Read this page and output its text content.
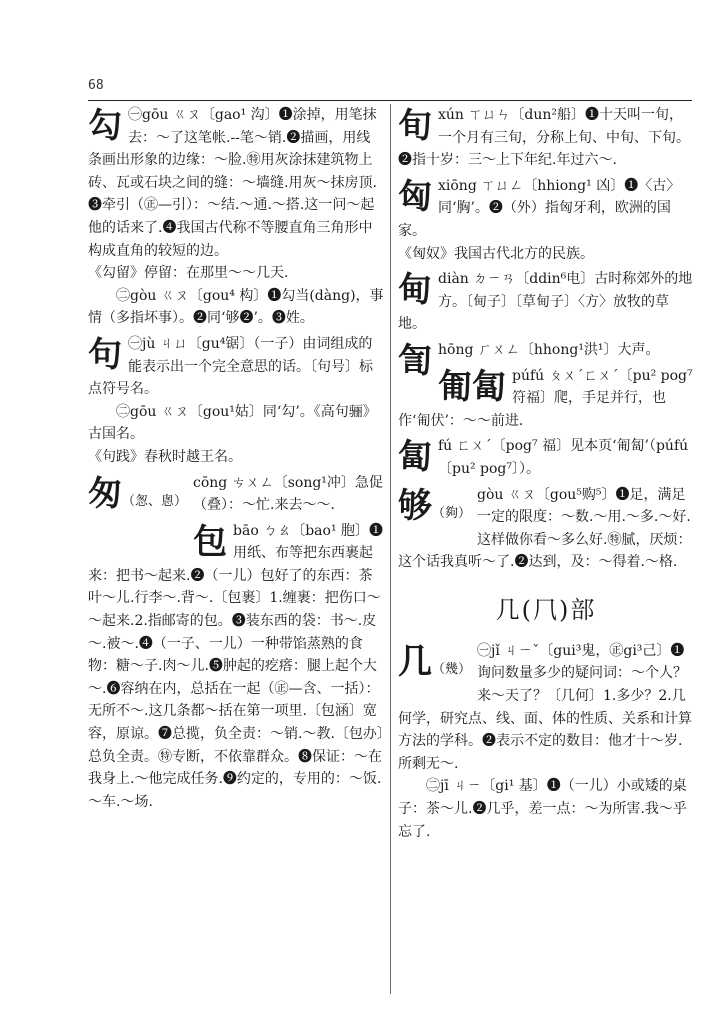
68
勾 ㊀gōu ㄍㄡ〔gao¹ 沟〕❶涂掉，用笔抹去：～了这笔帐.--笔～销.❷描画，用线条画出形象的边缘：～脸.㊕用灰涂抹建筑物上砖、瓦或石块之间的缝：～墙缝.用灰～抹房顶.❸牵引（㊣—引）：～结.～通.～搭.这一问～起他的话来了.❹我国古代称不等腰直角三角形中构成直角的较短的边。
《勾留》停留：在那里～～几天.
㊁gòu ㄍㄡ〔gou⁴ 构〕❶勾当(dàng)，事情（多指坏事）。❷同‘够❷’。❸姓。
句 ㊀jù ㄐㄩ〔gu⁴锯〕（一子）由词组成的能表示出一个完全意思的话。〔句号〕标点符号名。
㊁gōu ㄍㄡ〔gou¹姑〕同‘勾’。《高句骊》古国名。
《句践》春秋时越王名。
匆（怱、悤）
cōng ㄘㄨㄥ〔song¹冲〕急促（叠）：～忙.来去～～.
包 bāo ㄅㄠ〔bao¹ 胞〕❶用纸、布等把东西裹起来：把书～起来.❷（一儿）包好了的东西：茶叶～儿.行李～.背～.〔包裹〕1.缠裹：把伤口～～起来.2.指邮寄的包。❸装东西的袋：书～.皮～.被～.❹（一子、一儿）一种带馅蒸熟的食物：糖～子.肉～儿.❺肿起的疙瘩：腿上起个大～.❻容纳在内，总括在一起（㊣—含、一括）：无所不～.这几条都～括在第一项里.〔包涵〕宽容，原谅。❼总揽，负全责：～销.～教.〔包办〕总负全责。㊕专断，不依靠群众。❽保证：～在我身上.～他完成任务.❾约定的，专用的：～饭.～车.～场.
旬 xún ㄒㄩㄣ〔dun²船〕❶十天叫一旬，一个月有三旬，分称上旬、中旬、下旬。❷指十岁：三～上下年纪.年过六～.
匈 xiōng ㄒㄩㄥ〔hhiong¹ 凶〕❶〈古〉同‘胸’。❷（外）指匈牙利，欧洲的国家。
《匈奴》我国古代北方的民族。
甸 diàn ㄉㄧㄢ〔ddin⁶电〕古时称郊外的地方。〔甸子〕〔草甸子〕〈方〉放牧的草地。
訇 hōng ㄏㄨㄥ〔hhong¹洪¹〕大声。
匍匐 púfú ㄆㄨˊㄈㄨˊ〔pu² pog⁷ 符福〕爬，手足并行，也作‘匍伏’：～～前进.
匐 fú ㄈㄨˊ〔pog⁷ 福〕见本页‘匍匐’（púfú〔pu² pog⁷〕）。
够（夠）
gòu ㄍㄡ〔gou⁵购⁵〕❶足，满足一定的限度：～数.～用.～多.～好.这样做你看～多么好.㊕腻，厌烦：这个话我真听～了.❷达到，及：～得着.～格.
几(⺇)部
几（幾）
㊀jǐ ㄐㄧˇ〔gui³鬼，㊣gi³己〕❶询问数量多少的疑问词：～个人？来～天了？〔几何〕1.多少？2.几何学，研究点、线、面、体的性质、关系和计算方法的学科。❷表示不定的数目：他才十～岁.所剩无～.
㊁jī ㄐㄧ〔gi¹ 基〕❶（一儿）小或矮的桌子：茶～儿.❷几乎，差一点：～为所害.我～乎忘了.
